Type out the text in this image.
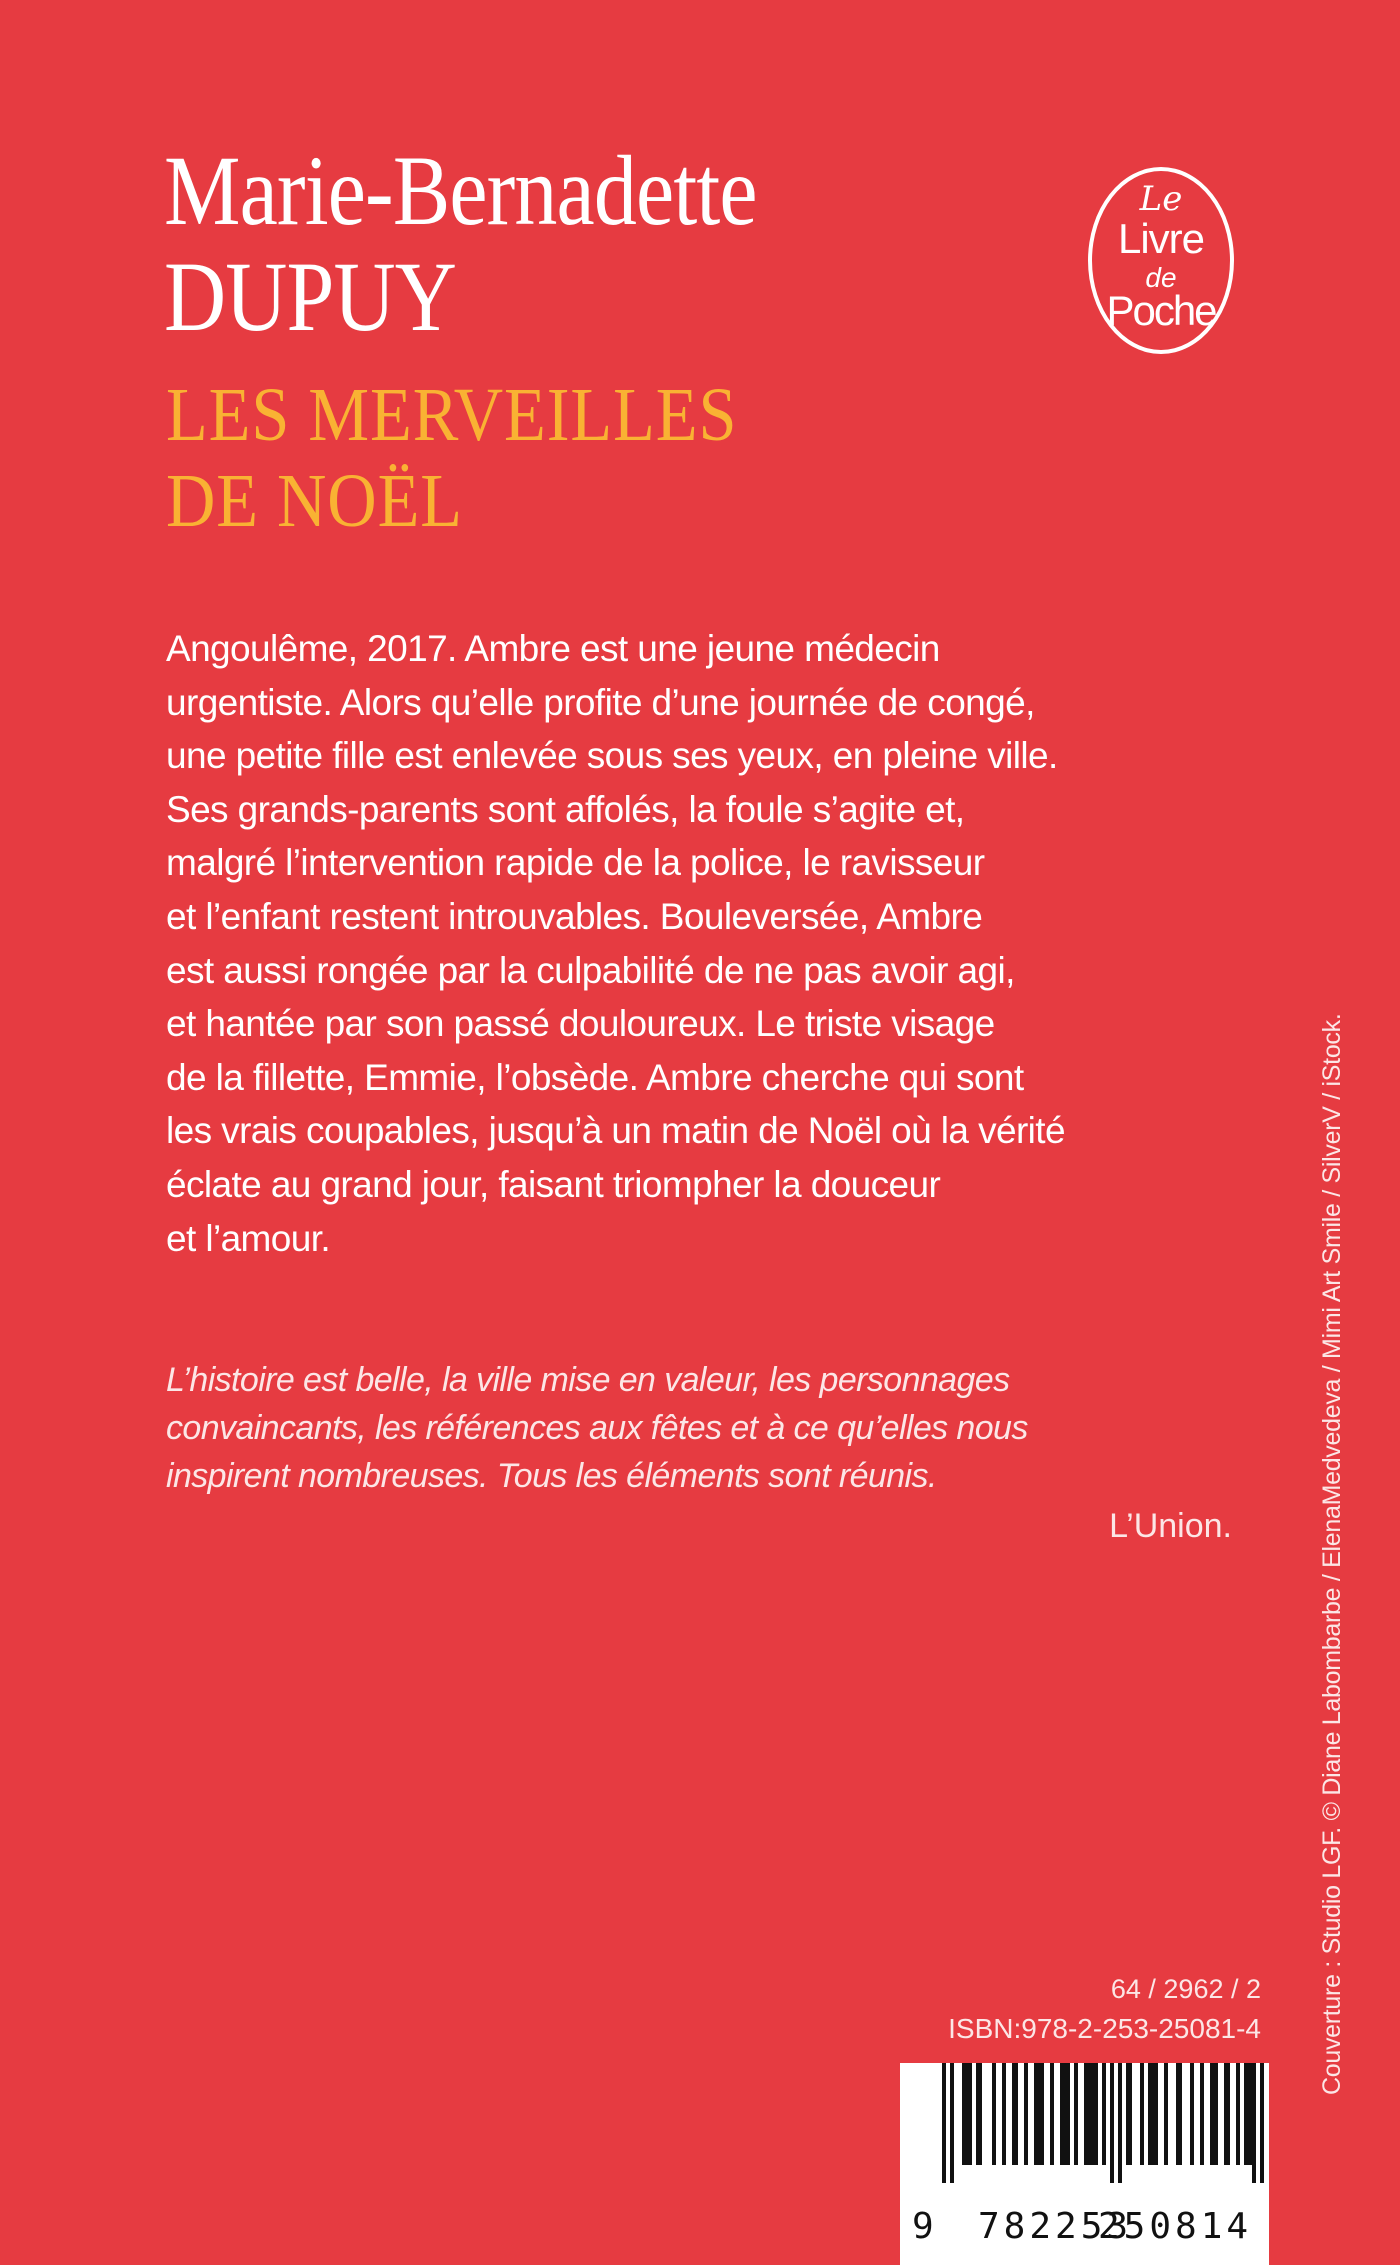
Marie-Bernadette
DUPUY
LES MERVEILLES
DE NOËL
Le
Livre
de
Poche
Angoulême, 2017. Ambre est une jeune médecin
urgentiste. Alors qu’elle profite d’une journée de congé,
une petite fille est enlevée sous ses yeux, en pleine ville.
Ses grands-parents sont affolés, la foule s’agite et,
malgré l’intervention rapide de la police, le ravisseur
et l’enfant restent introuvables. Bouleversée, Ambre
est aussi rongée par la culpabilité de ne pas avoir agi,
et hantée par son passé douloureux. Le triste visage
de la fillette, Emmie, l’obsède. Ambre cherche qui sont
les vrais coupables, jusqu’à un matin de Noël où la vérité
éclate au grand jour, faisant triompher la douceur
et l’amour.
L’histoire est belle, la ville mise en valeur, les personnages
convaincants, les références aux fêtes et à ce qu’elles nous
inspirent nombreuses. Tous les éléments sont réunis.
L’Union.
64 / 2962 / 2
ISBN:978-2-253-25081-4
9 782253
250814
Couverture : Studio LGF. © Diane Labombarbe / ElenaMedvedeva / Mimi Art Smile / SilverV / iStock.
